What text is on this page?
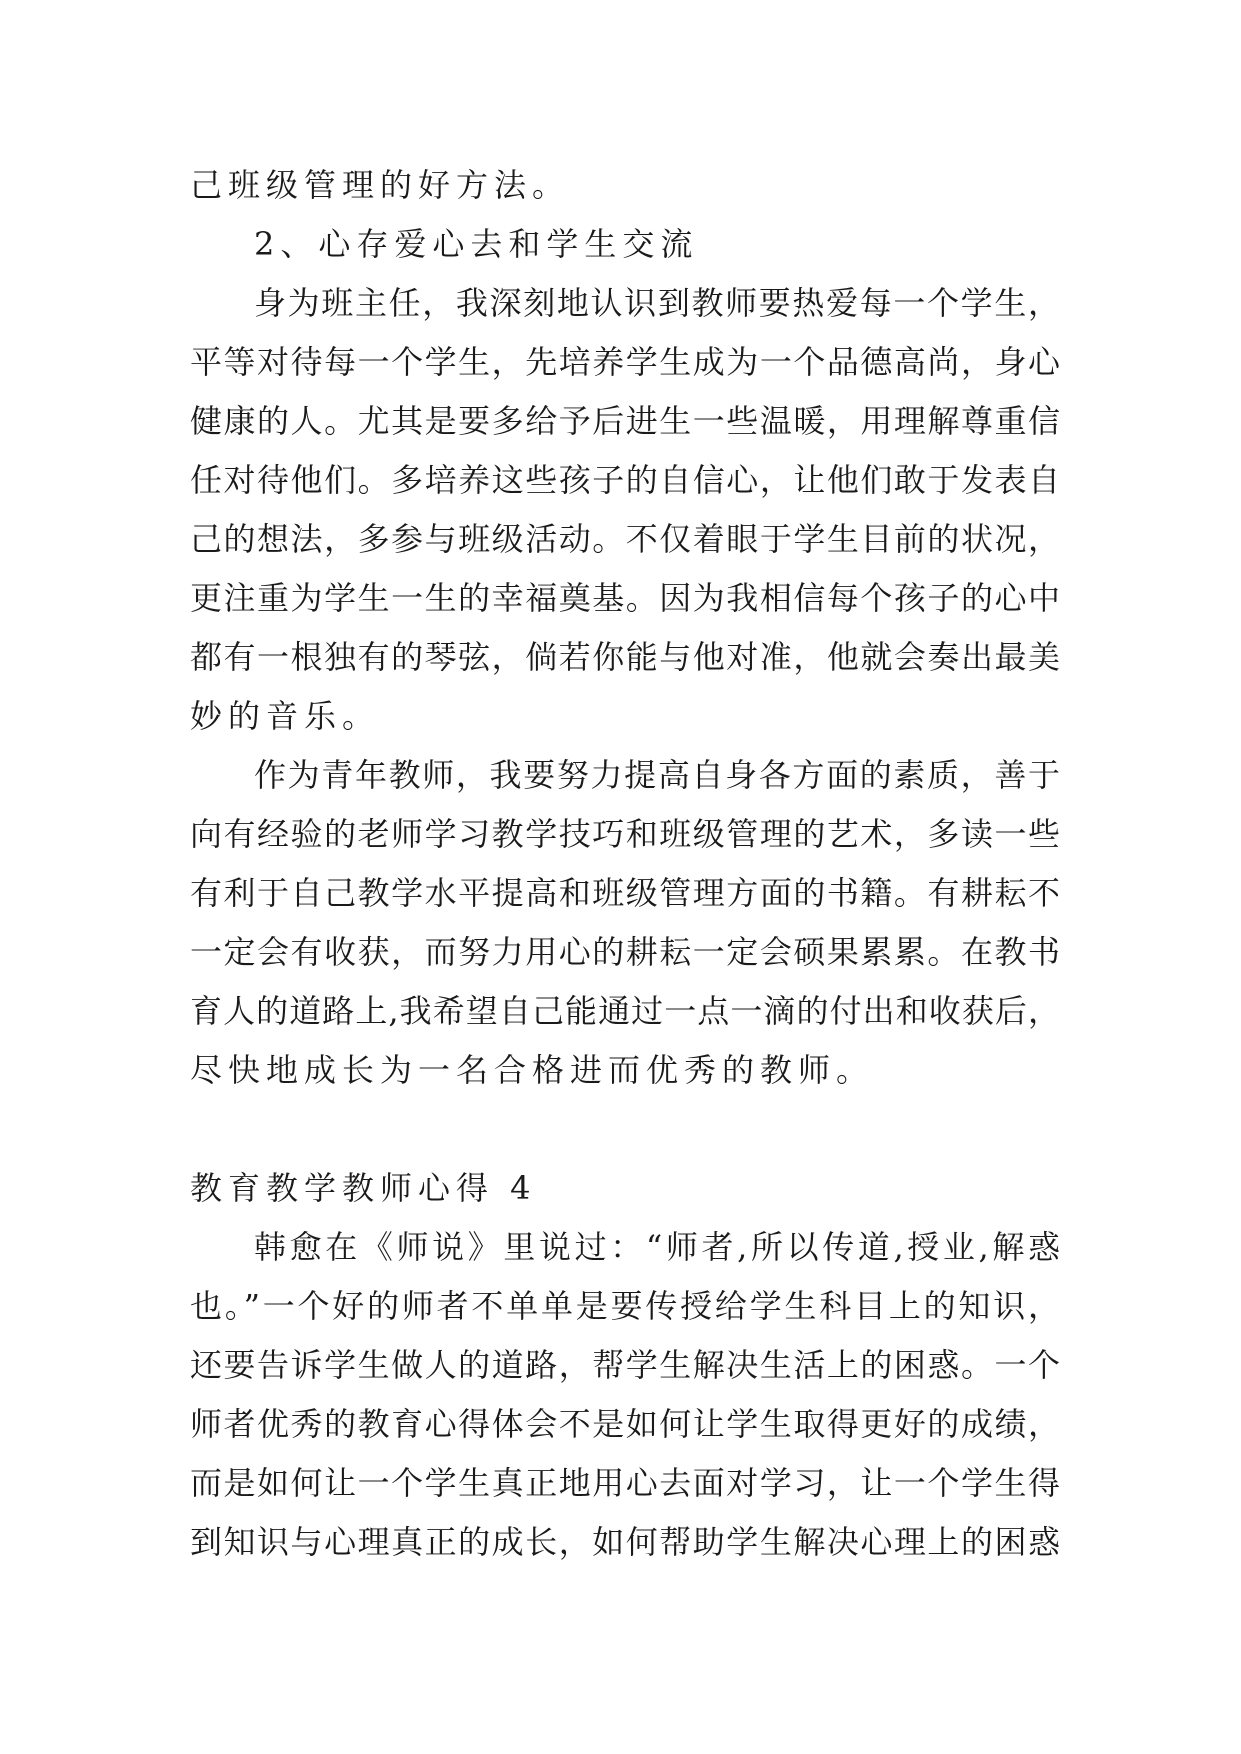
己班级管理的好方法。
2、心存爱心去和学生交流
身为班主任，我深刻地认识到教师要热爱每一个学生，
平等对待每一个学生，先培养学生成为一个品德高尚，身心
健康的人。尤其是要多给予后进生一些温暖，用理解尊重信
任对待他们。多培养这些孩子的自信心，让他们敢于发表自
己的想法，多参与班级活动。不仅着眼于学生目前的状况，
更注重为学生一生的幸福奠基。因为我相信每个孩子的心中
都有一根独有的琴弦，倘若你能与他对准，他就会奏出最美
妙的音乐。
作为青年教师，我要努力提高自身各方面的素质，善于
向有经验的老师学习教学技巧和班级管理的艺术，多读一些
有利于自己教学水平提高和班级管理方面的书籍。有耕耘不
一定会有收获，而努力用心的耕耘一定会硕果累累。在教书
育人的道路上,我希望自己能通过一点一滴的付出和收获后，
尽快地成长为一名合格进而优秀的教师。
教育教学教师心得 4
韩愈在《师说》里说过：“师者,所以传道,授业,解惑
也。”一个好的师者不单单是要传授给学生科目上的知识，
还要告诉学生做人的道路，帮学生解决生活上的困惑。一个
师者优秀的教育心得体会不是如何让学生取得更好的成绩，
而是如何让一个学生真正地用心去面对学习，让一个学生得
到知识与心理真正的成长，如何帮助学生解决心理上的困惑
